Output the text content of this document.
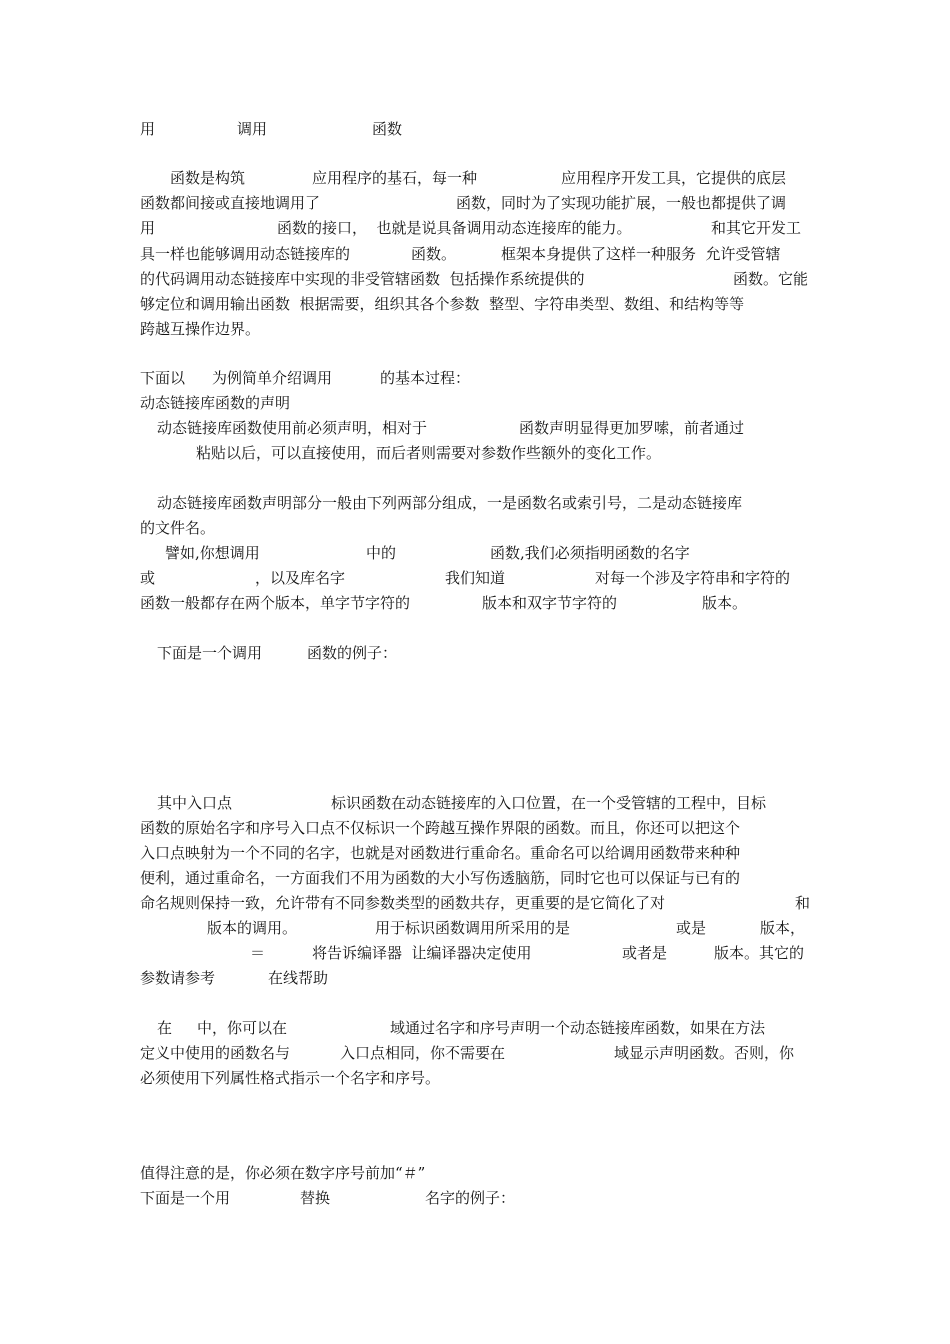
用	调用	函数
函数是构筑	应用程序的基石，每一种	应用程序开发工具，它提供的底层
函数都间接或直接地调用了	函数，同时为了实现功能扩展，一般也都提供了调
用	函数的接口，  也就是说具备调用动态连接库的能力。	和其它开发工
具一样也能够调用动态链接库的	函数。	框架本身提供了这样一种服务  允许受管辖
的代码调用动态链接库中实现的非受管辖函数  包括操作系统提供的	函数。它能
够定位和调用输出函数  根据需要，组织其各个参数  整型、字符串类型、数组、和结构等等
跨越互操作边界。
下面以 为例简单介绍调用	的基本过程：
动态链接库函数的声明
动态链接库函数使用前必须声明，相对于	函数声明显得更加罗嗦，前者通过
粘贴以后，可以直接使用，而后者则需要对参数作些额外的变化工作。
动态链接库函数声明部分一般由下列两部分组成，一是函数名或索引号，二是动态链接库
的文件名。
譬如,你想调用	中的	函数,我们必须指明函数的名字
或	，以及库名字	我们知道	对每一个涉及字符串和字符的
函数一般都存在两个版本，单字节字符的	版本和双字节字符的	版本。
下面是一个调用	函数的例子：
其中入口点	标识函数在动态链接库的入口位置，在一个受管辖的工程中，目标
函数的原始名字和序号入口点不仅标识一个跨越互操作界限的函数。而且，你还可以把这个
入口点映射为一个不同的名字，也就是对函数进行重命名。重命名可以给调用函数带来种种
便利，通过重命名，一方面我们不用为函数的大小写伤透脑筋，同时它也可以保证与已有的
命名规则保持一致，允许带有不同参数类型的函数共存，更重要的是它简化了对	和
版本的调用。	用于标识函数调用所采用的是	或是	版本，
＝	将告诉编译器  让编译器决定使用	或者是	版本。其它的
参数请参考	在线帮助
在 中，你可以在	域通过名字和序号声明一个动态链接库函数，如果在方法
定义中使用的函数名与	入口点相同，你不需要在	域显示声明函数。否则，你
必须使用下列属性格式指示一个名字和序号。
值得注意的是，你必须在数字序号前加“＃”
下面是一个用	替换	名字的例子：
